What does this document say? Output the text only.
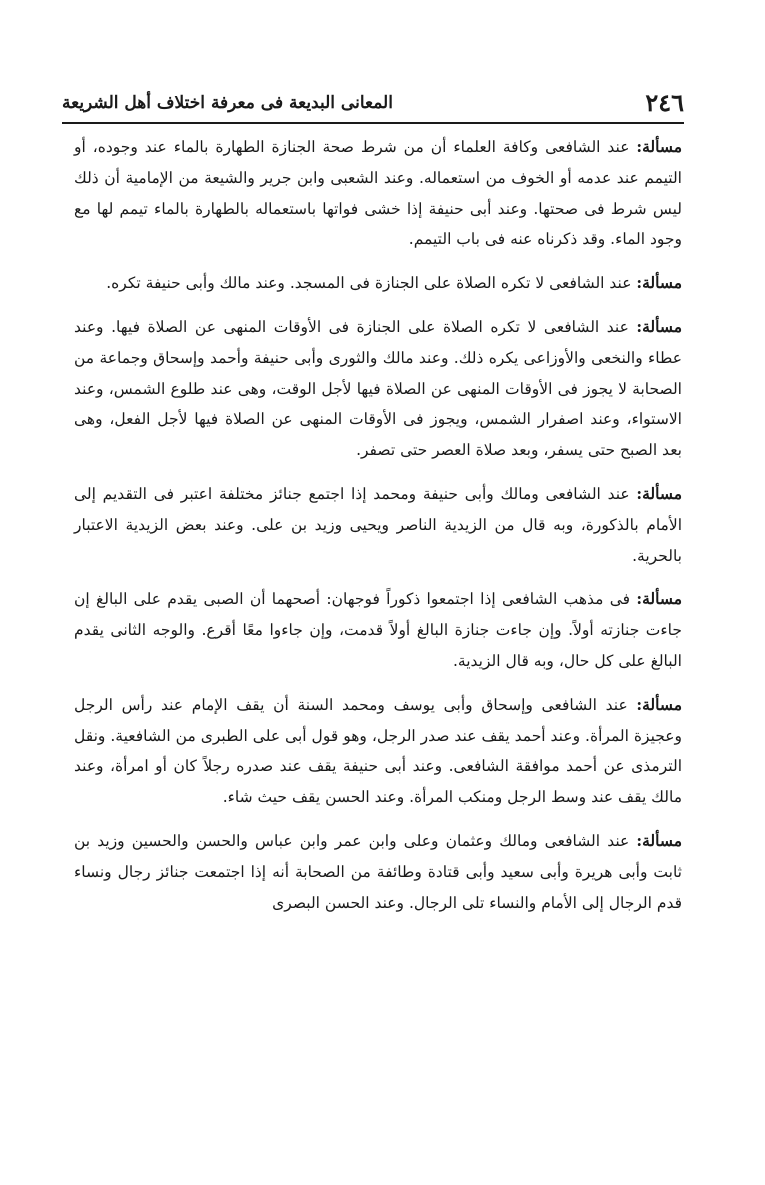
٢٤٦
المعانى البديعة فى معرفة اختلاف أهل الشريعة

مسألة: عند الشافعى وكافة العلماء أن من شرط صحة الجنازة الطهارة بالماء عند وجوده، أو التيمم عند عدمه أو الخوف من استعماله. وعند الشعبى وابن جرير والشيعة من الإمامية أن ذلك ليس شرط فى صحتها. وعند أبى حنيفة إذا خشى فواتها باستعماله بالطهارة بالماء تيمم لها مع وجود الماء. وقد ذكرناه عنه فى باب التيمم.

مسألة: عند الشافعى لا تكره الصلاة على الجنازة فى المسجد. وعند مالك وأبى حنيفة تكره.

مسألة: عند الشافعى لا تكره الصلاة على الجنازة فى الأوقات المنهى عن الصلاة فيها. وعند عطاء والنخعى والأوزاعى يكره ذلك. وعند مالك والثورى وأبى حنيفة وأحمد وإسحاق وجماعة من الصحابة لا يجوز فى الأوقات المنهى عن الصلاة فيها لأجل الوقت، وهى عند طلوع الشمس، وعند الاستواء، وعند اصفرار الشمس، ويجوز فى الأوقات المنهى عن الصلاة فيها لأجل الفعل، وهى بعد الصبح حتى يسفر، وبعد صلاة العصر حتى تصفر.

مسألة: عند الشافعى ومالك وأبى حنيفة ومحمد إذا اجتمع جنائز مختلفة اعتبر فى التقديم إلى الأمام بالذكورة، وبه قال من الزيدية الناصر ويحيى وزيد بن على. وعند بعض الزيدية الاعتبار بالحرية.

مسألة: فى مذهب الشافعى إذا اجتمعوا ذكوراً فوجهان: أصحهما أن الصبى يقدم على البالغ إن جاءت جنازته أولاً. وإن جاءت جنازة البالغ أولاً قدمت، وإن جاءوا معًا أقرع. والوجه الثانى يقدم البالغ على كل حال، وبه قال الزيدية.

مسألة: عند الشافعى وإسحاق وأبى يوسف ومحمد السنة أن يقف الإمام عند رأس الرجل وعجيزة المرأة. وعند أحمد يقف عند صدر الرجل، وهو قول أبى على الطبرى من الشافعية. ونقل الترمذى عن أحمد موافقة الشافعى. وعند أبى حنيفة يقف عند صدره رجلاً كان أو امرأة، وعند مالك يقف عند وسط الرجل ومنكب المرأة. وعند الحسن يقف حيث شاء.

مسألة: عند الشافعى ومالك وعثمان وعلى وابن عمر وابن عباس والحسن والحسين وزيد بن ثابت وأبى هريرة وأبى سعيد وأبى قتادة وطائفة من الصحابة أنه إذا اجتمعت جنائز رجال ونساء قدم الرجال إلى الأمام والنساء تلى الرجال. وعند الحسن البصرى
